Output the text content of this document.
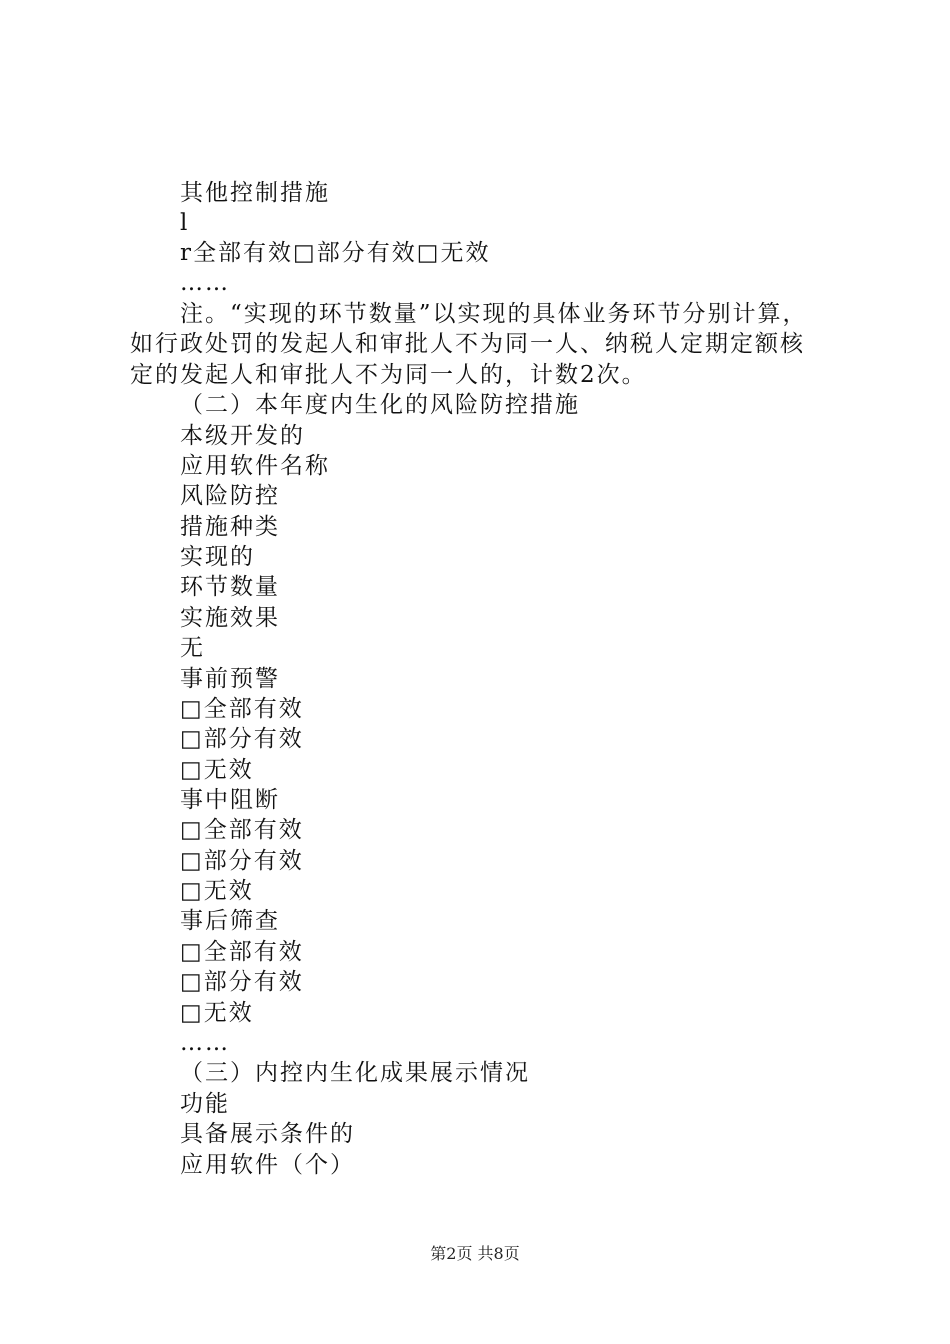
其他控制措施
l
r全部有效□部分有效□无效
……
注。“实现的环节数量”以实现的具体业务环节分别计算，
如行政处罚的发起人和审批人不为同一人、纳税人定期定额核
定的发起人和审批人不为同一人的，计数2次。
（二）本年度内生化的风险防控措施
本级开发的
应用软件名称
风险防控
措施种类
实现的
环节数量
实施效果
无
事前预警
□全部有效
□部分有效
□无效
事中阻断
□全部有效
□部分有效
□无效
事后筛查
□全部有效
□部分有效
□无效
……
（三）内控内生化成果展示情况
功能
具备展示条件的
应用软件（个）
第2页 共8页
